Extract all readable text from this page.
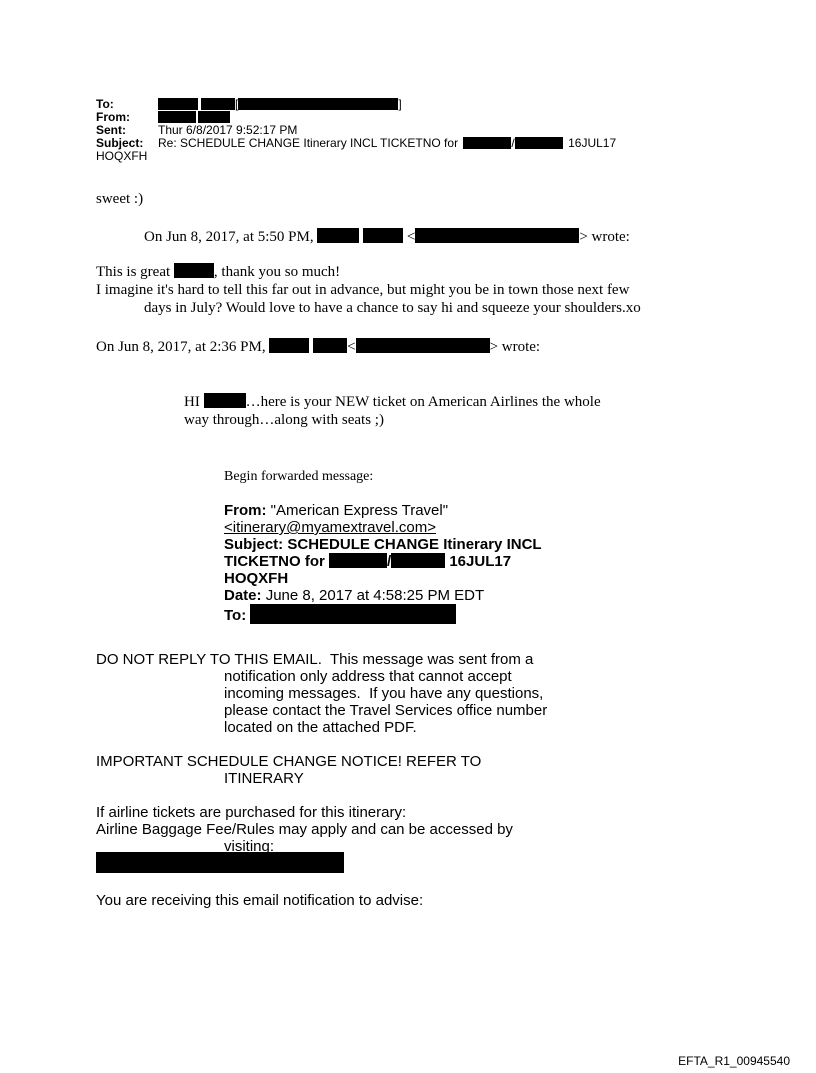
To:	[	]
From:
Sent:	Thur 6/8/2017 9:52:17 PM
Subject: Re: SCHEDULE CHANGE Itinerary INCL TICKETNO for	/	16JUL17
HOQXFH
sweet :)
On Jun 8, 2017, at 5:50 PM,	<	> wrote:
This is great	, thank you so much!
I imagine it's hard to tell this far out in advance, but might you be in town those next few
days in July? Would love to have a chance to say hi and squeeze your shoulders.xo
On Jun 8, 2017, at 2:36 PM,	<	> wrote:
HI	…here is your NEW ticket on American Airlines the whole
way through…along with seats ;)
Begin forwarded message:
From: "American Express Travel"
<itinerary@myamextravel.com>
Subject: SCHEDULE CHANGE Itinerary INCL
TICKETNO for	/	16JUL17
HOQXFH
Date: June 8, 2017 at 4:58:25 PM EDT
To:
DO NOT REPLY TO THIS EMAIL.  This message was sent from a
notification only address that cannot accept
incoming messages.  If you have any questions,
please contact the Travel Services office number
located on the attached PDF.
IMPORTANT SCHEDULE CHANGE NOTICE! REFER TO
ITINERARY
If airline tickets are purchased for this itinerary:
Airline Baggage Fee/Rules may apply and can be accessed by
visiting:
You are receiving this email notification to advise:
EFTA_R1_00945540
